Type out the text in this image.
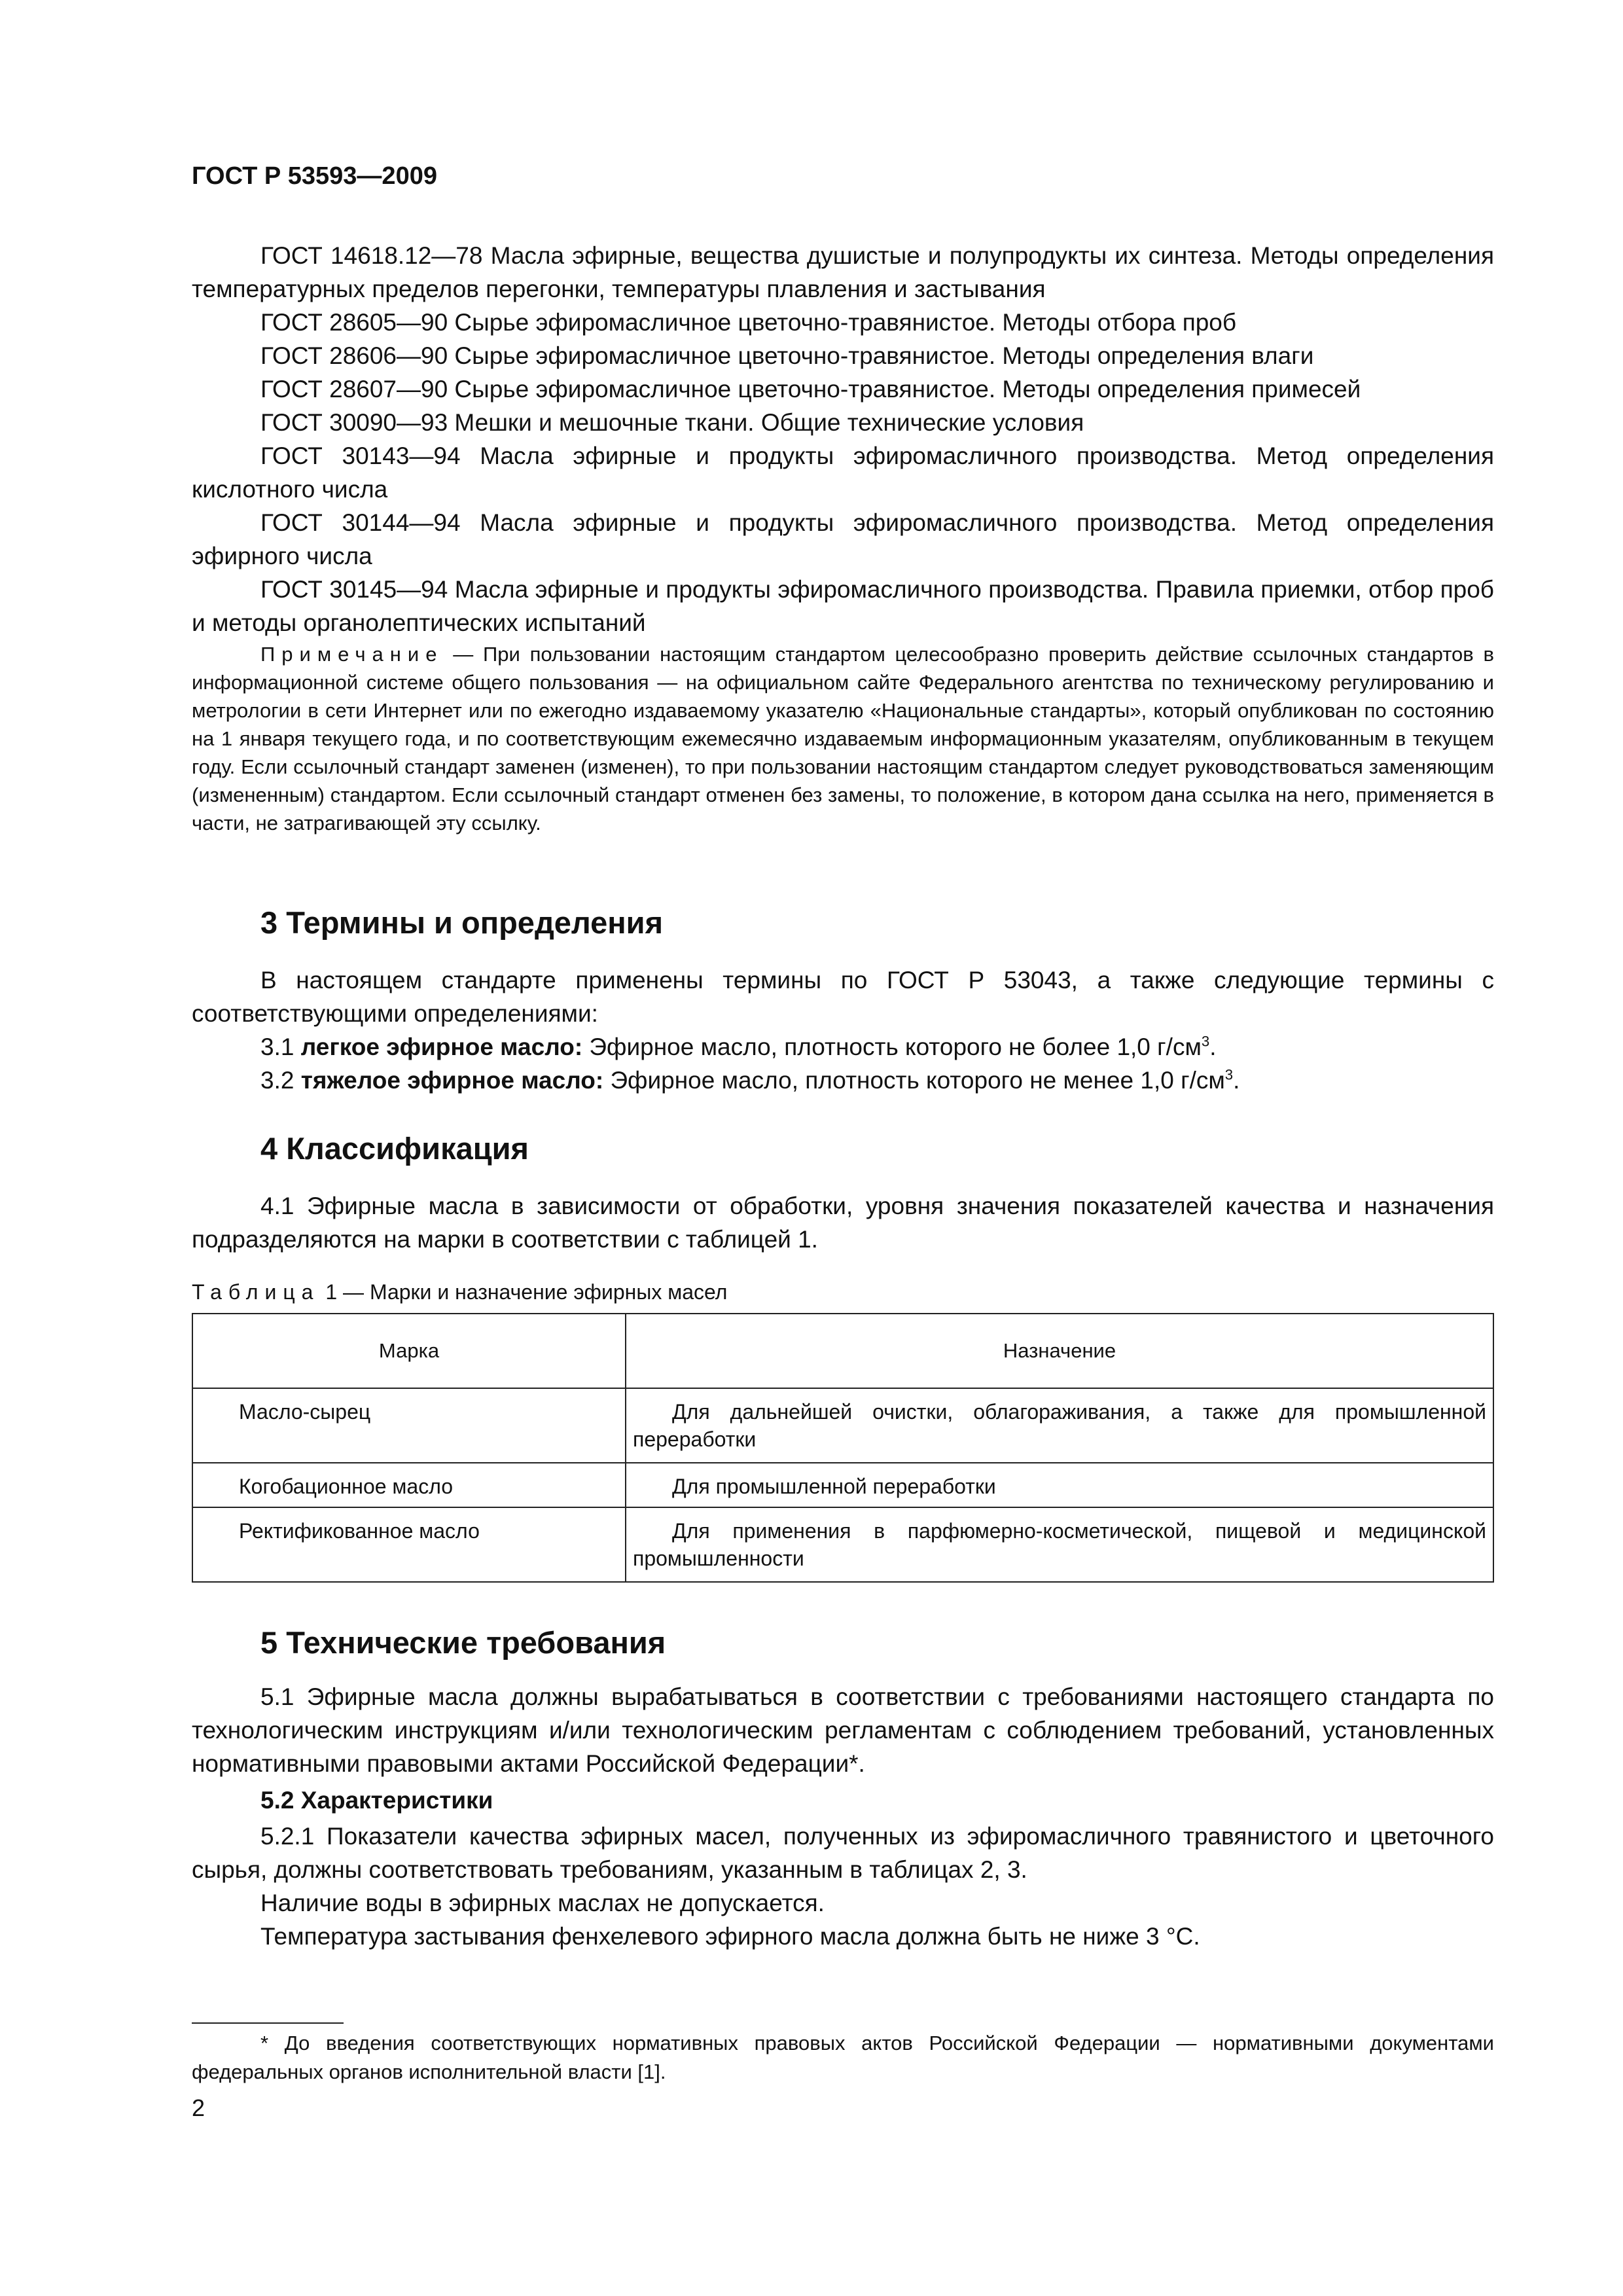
ГОСТ Р 53593—2009

ГОСТ 14618.12—78 Масла эфирные, вещества душистые и полупродукты их синтеза. Методы определения температурных пределов перегонки, температуры плавления и застывания

ГОСТ 28605—90 Сырье эфиромасличное цветочно-травянистое. Методы отбора проб

ГОСТ 28606—90 Сырье эфиромасличное цветочно-травянистое. Методы определения влаги

ГОСТ 28607—90 Сырье эфиромасличное цветочно-травянистое. Методы определения примесей

ГОСТ 30090—93 Мешки и мешочные ткани. Общие технические условия

ГОСТ 30143—94 Масла эфирные и продукты эфиромасличного производства. Метод определения кислотного числа

ГОСТ 30144—94 Масла эфирные и продукты эфиромасличного производства. Метод определения эфирного числа

ГОСТ 30145—94 Масла эфирные и продукты эфиромасличного производства. Правила приемки, отбор проб и методы органолептических испытаний

Примечание — При пользовании настоящим стандартом целесообразно проверить действие ссылочных стандартов в информационной системе общего пользования — на официальном сайте Федерального агентства по техническому регулированию и метрологии в сети Интернет или по ежегодно издаваемому указателю «Национальные стандарты», который опубликован по состоянию на 1 января текущего года, и по соответствующим ежемесячно издаваемым информационным указателям, опубликованным в текущем году. Если ссылочный стандарт заменен (изменен), то при пользовании настоящим стандартом следует руководствоваться заменяющим (измененным) стандартом. Если ссылочный стандарт отменен без замены, то положение, в котором дана ссылка на него, применяется в части, не затрагивающей эту ссылку.

3 Термины и определения

В настоящем стандарте применены термины по ГОСТ Р 53043, а также следующие термины с соответствующими определениями:

3.1 легкое эфирное масло: Эфирное масло, плотность которого не более 1,0 $г/см^3$.

3.2 тяжелое эфирное масло: Эфирное масло, плотность которого не менее 1,0 $г/см^3$.

4 Классификация

4.1 Эфирные масла в зависимости от обработки, уровня значения показателей качества и назначения подразделяются на марки в соответствии с таблицей 1.

Таблица 1 — Марки и назначение эфирных масел

Марка	Назначение
Масло-сырец	Для дальнейшей очистки, облагораживания, а также для промышленной переработки
Когобационное масло	Для промышленной переработки
Ректификованное масло	Для применения в парфюмерно-косметической, пищевой и медицинской промышленности
5 Технические требования

5.1 Эфирные масла должны вырабатываться в соответствии с требованиями настоящего стандарта по технологическим инструкциям и/или технологическим регламентам с соблюдением требований, установленных нормативными правовыми актами Российской Федерации*.

5.2 Характеристики

5.2.1 Показатели качества эфирных масел, полученных из эфиромасличного травянистого и цветочного сырья, должны соответствовать требованиям, указанным в таблицах 2, 3.

Наличие воды в эфирных маслах не допускается.

Температура застывания фенхелевого эфирного масла должна быть не ниже 3 °С.

* До введения соответствующих нормативных правовых актов Российской Федерации — нормативными документами федеральных органов исполнительной власти [1].

2
